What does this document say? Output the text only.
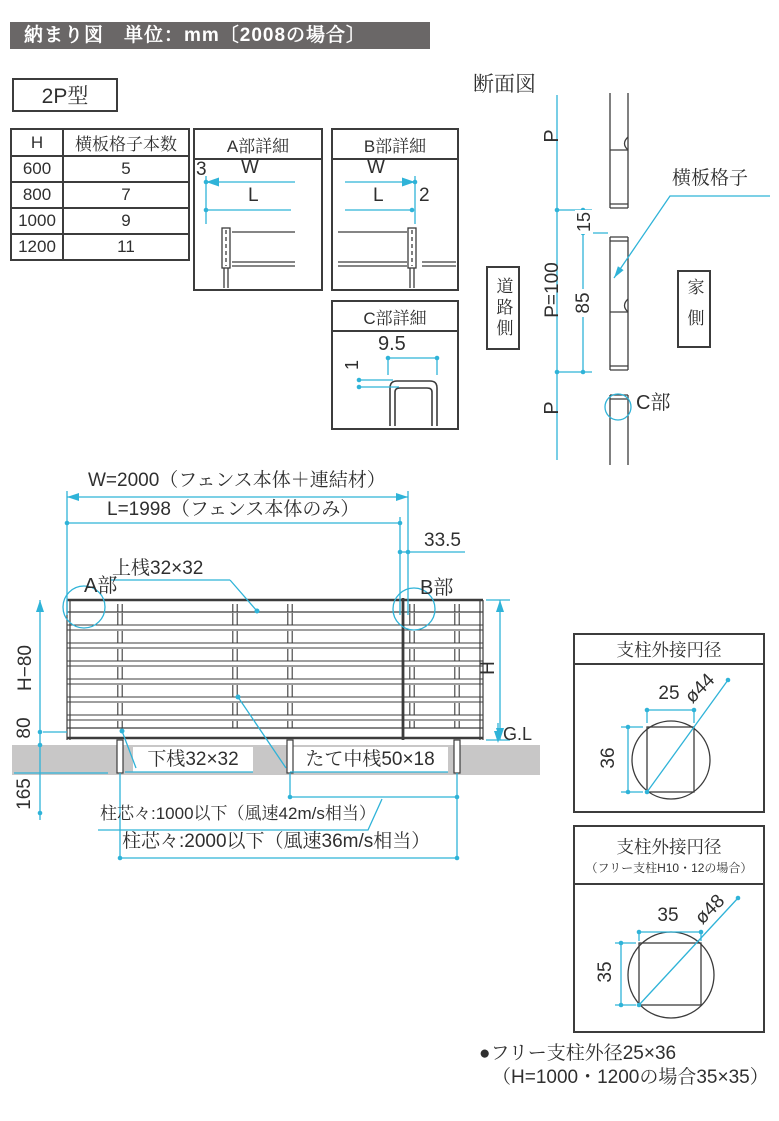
納まり図　単位：mm〔2008の場合〕
2P型
H	横板格子本数
600	5
800	7
1000	9
1200	11
A部詳細
3 W
L
B部詳細
W
L 2
C部詳細
9.5
1
断面図
P
P=100
15
85
P
横板格子
道路側	家側
C部
下桟32×32	たて中桟50×18
W=2000（フェンス本体＋連結材）
L=1998（フェンス本体のみ）
33.5
上桟32×32
A部	B部
H−80
80
165
H
G.L
柱芯々:1000以下（風速42m/s相当）
柱芯々:2000以下（風速36m/s相当）
支柱外接円径
25
36
ø44
支柱外接円径
（フリー支柱H10・12の場合）
35
35
ø48
●フリー支柱外径25×36
（H=1000・1200の場合35×35）
